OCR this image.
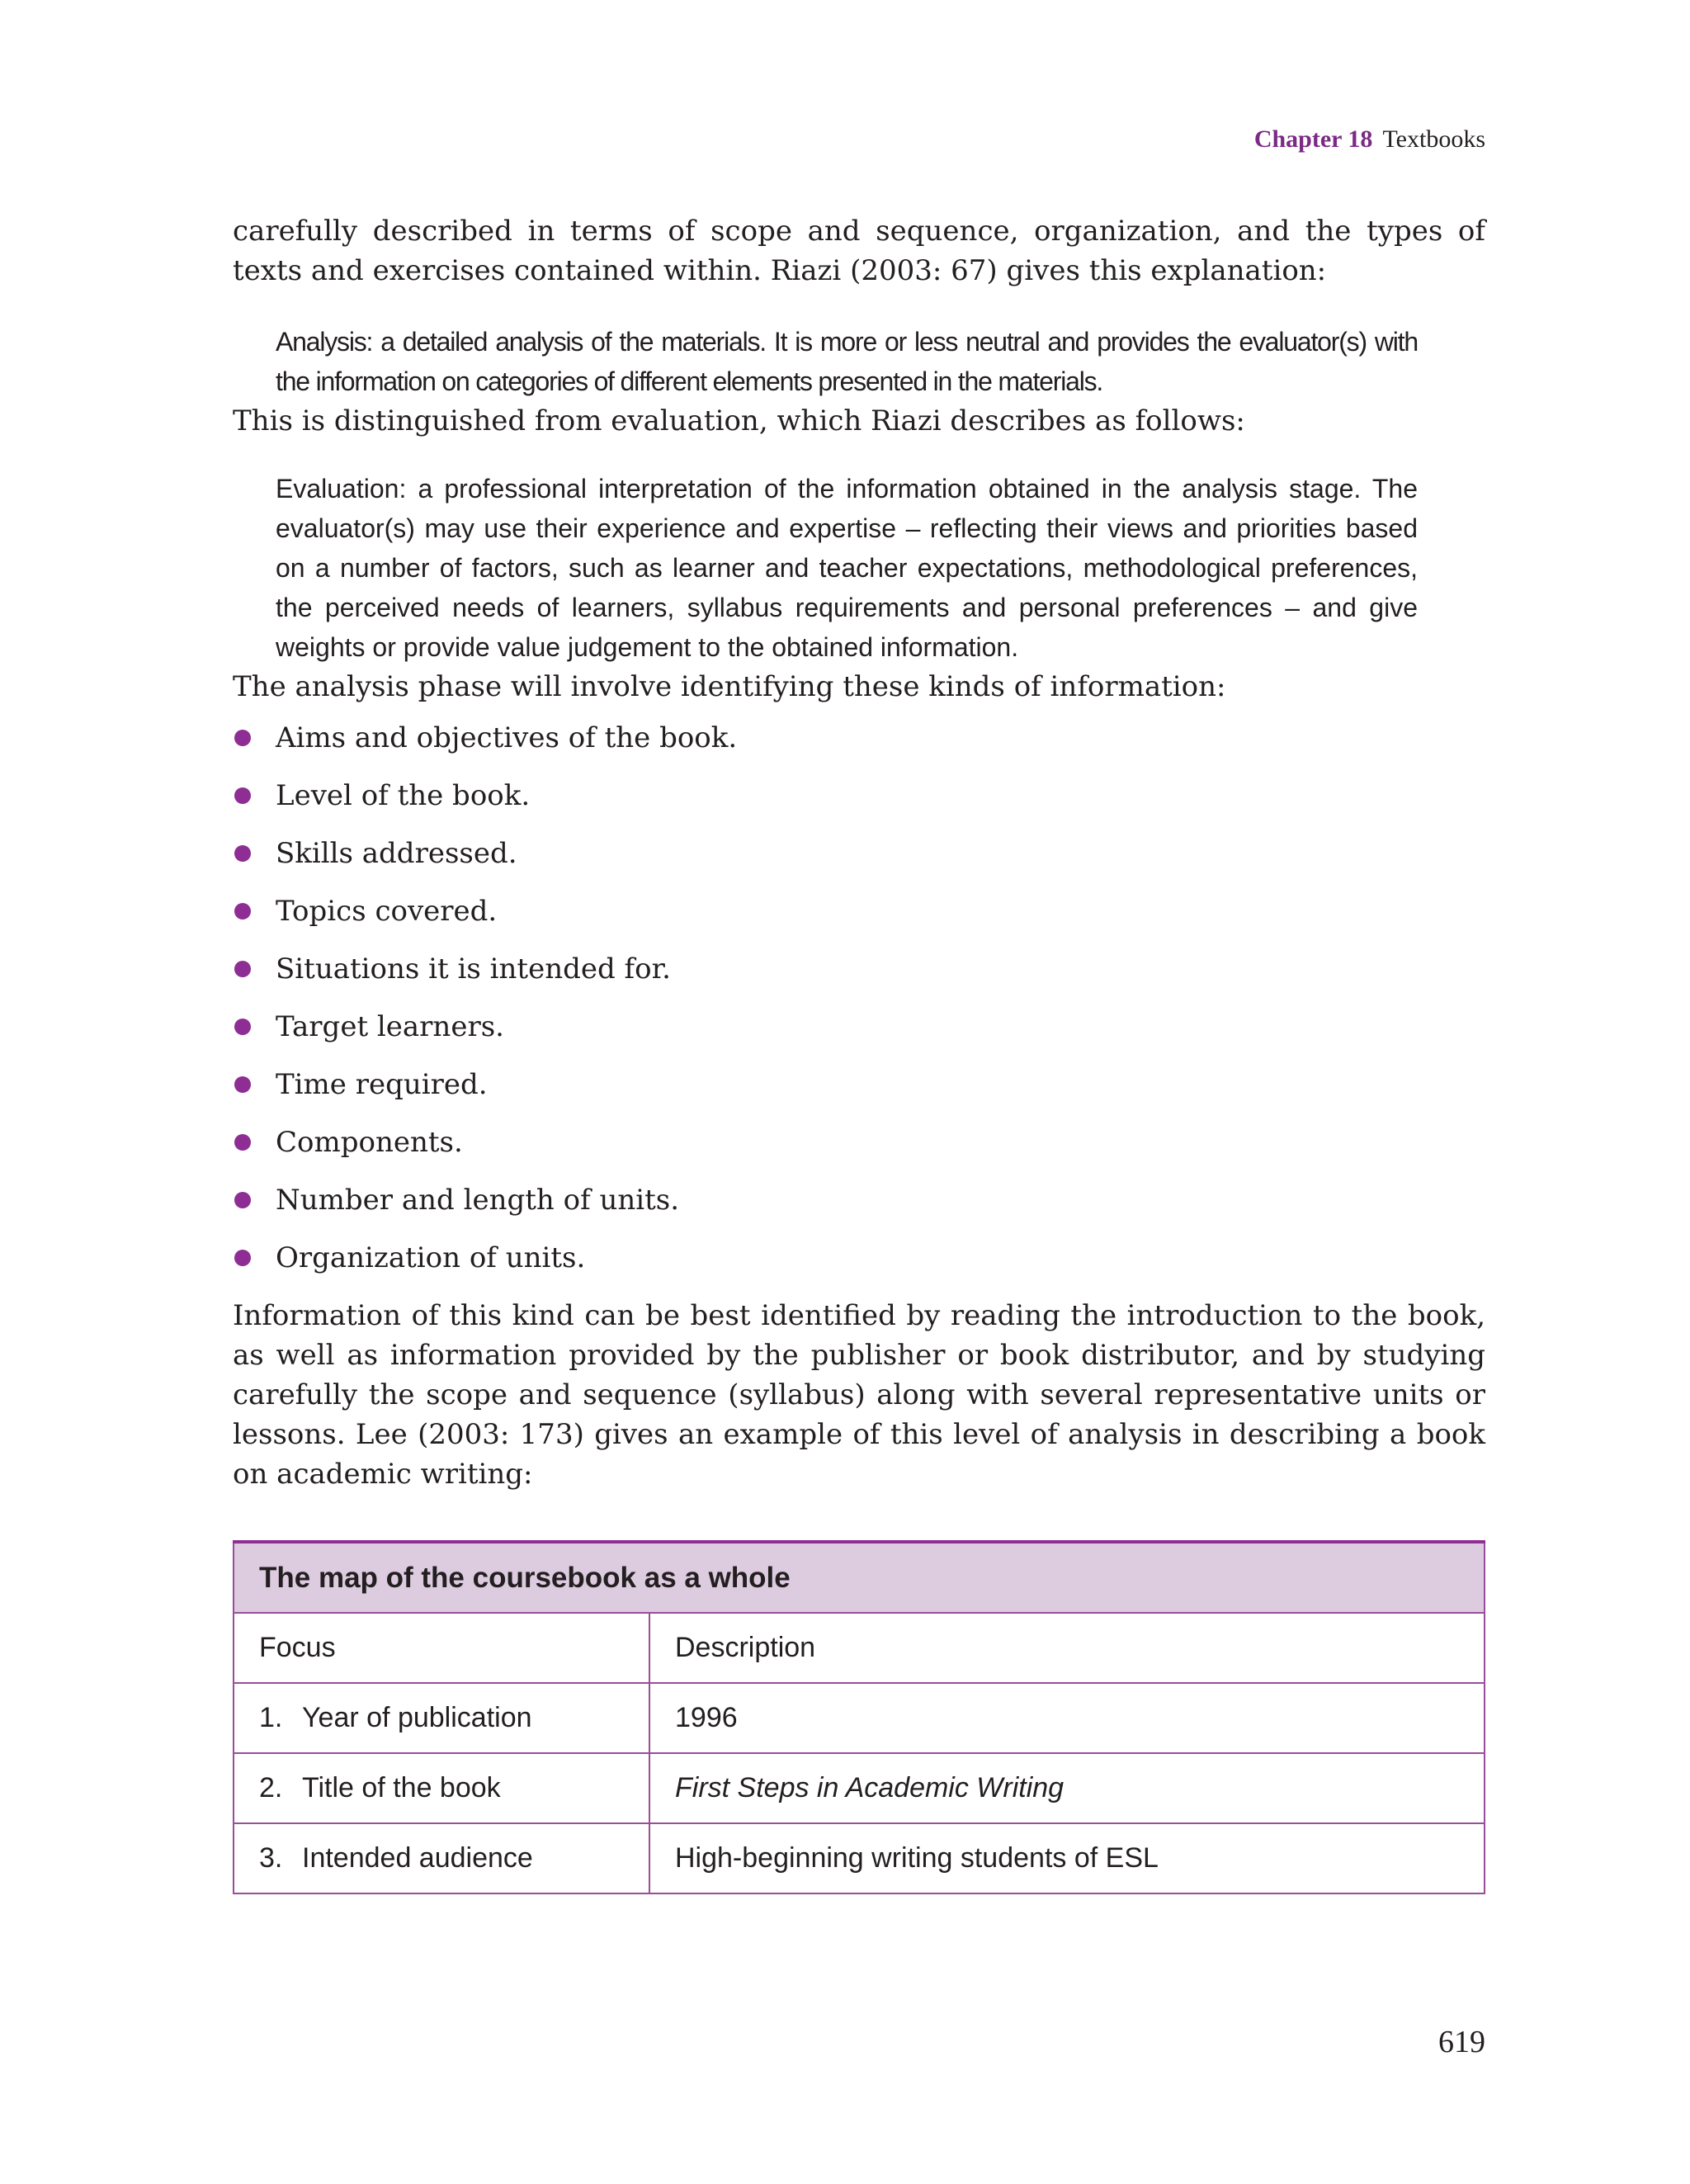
Chapter 18 Textbooks

carefully described in terms of scope and sequence, organization, and the types of texts and exercises contained within. Riazi (2003: 67) gives this explanation:

Analysis: a detailed analysis of the materials. It is more or less neutral and provides the evaluator(s) with the information on categories of different elements presented in the materials.

This is distinguished from evaluation, which Riazi describes as follows:

Evaluation: a professional interpretation of the information obtained in the analysis stage. The evaluator(s) may use their experience and expertise – reflecting their views and priorities based on a number of factors, such as learner and teacher expectations, methodological preferences, the perceived needs of learners, syllabus requirements and personal preferences – and give weights or provide value judgement to the obtained information.

The analysis phase will involve identifying these kinds of information:

Aims and objectives of the book.
Level of the book.
Skills addressed.
Topics covered.
Situations it is intended for.
Target learners.
Time required.
Components.
Number and length of units.
Organization of units.

Information of this kind can be best identified by reading the introduction to the book, as well as information provided by the publisher or book distributor, and by studying carefully the scope and sequence (syllabus) along with several representative units or lessons. Lee (2003: 173) gives an example of this level of analysis in describing a book on academic writing:

The map of the coursebook as a whole	
Focus	Description
1. Year of publication	1996
2. Title of the book	First Steps in Academic Writing
3. Intended audience	High-beginning writing students of ESL
619
